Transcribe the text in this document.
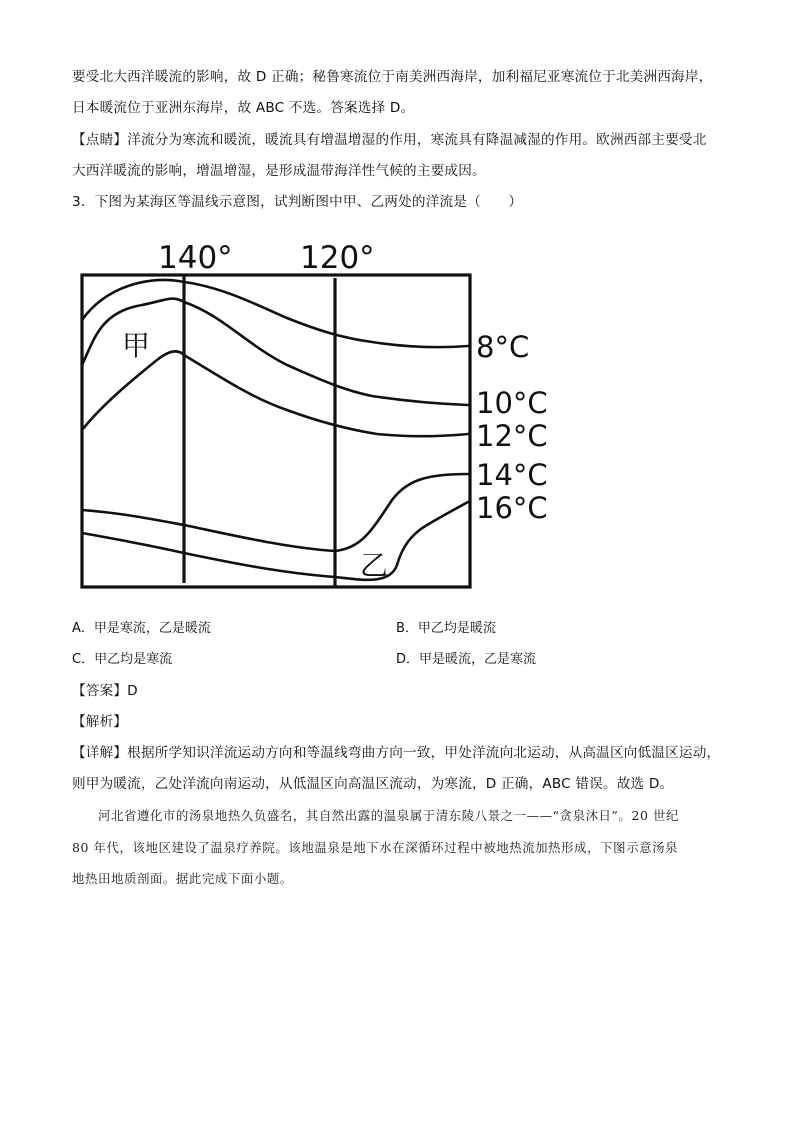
要受北大西洋暖流的影响，故 D 正确；秘鲁寒流位于南美洲西海岸，加利福尼亚寒流位于北美洲西海岸，
日本暖流位于亚洲东海岸，故 ABC 不选。答案选择 D。
【点睛】洋流分为寒流和暖流，暖流具有增温增湿的作用，寒流具有降温减湿的作用。欧洲西部主要受北
大西洋暖流的影响，增温增湿，是形成温带海洋性气候的主要成因。
3．下图为某海区等温线示意图，试判断图中甲、乙两处的洋流是（　　）
140° 120°
甲
乙
8°C
10°C
12°C
14°C
16°C
A．甲是寒流，乙是暖流	B．甲乙均是暖流
C．甲乙均是寒流	D．甲是暖流，乙是寒流
【答案】D
【解析】
【详解】根据所学知识洋流运动方向和等温线弯曲方向一致，甲处洋流向北运动，从高温区向低温区运动，
则甲为暖流，乙处洋流向南运动，从低温区向高温区流动，为寒流，D 正确，ABC 错误。故选 D。
　　河北省遵化市的汤泉地热久负盛名，其自然出露的温泉属于清东陵八景之一——“贪泉沐日”。20 世纪
80 年代，该地区建设了温泉疗养院。该地温泉是地下水在深循环过程中被地热流加热形成，下图示意汤泉
地热田地质剖面。据此完成下面小题。
